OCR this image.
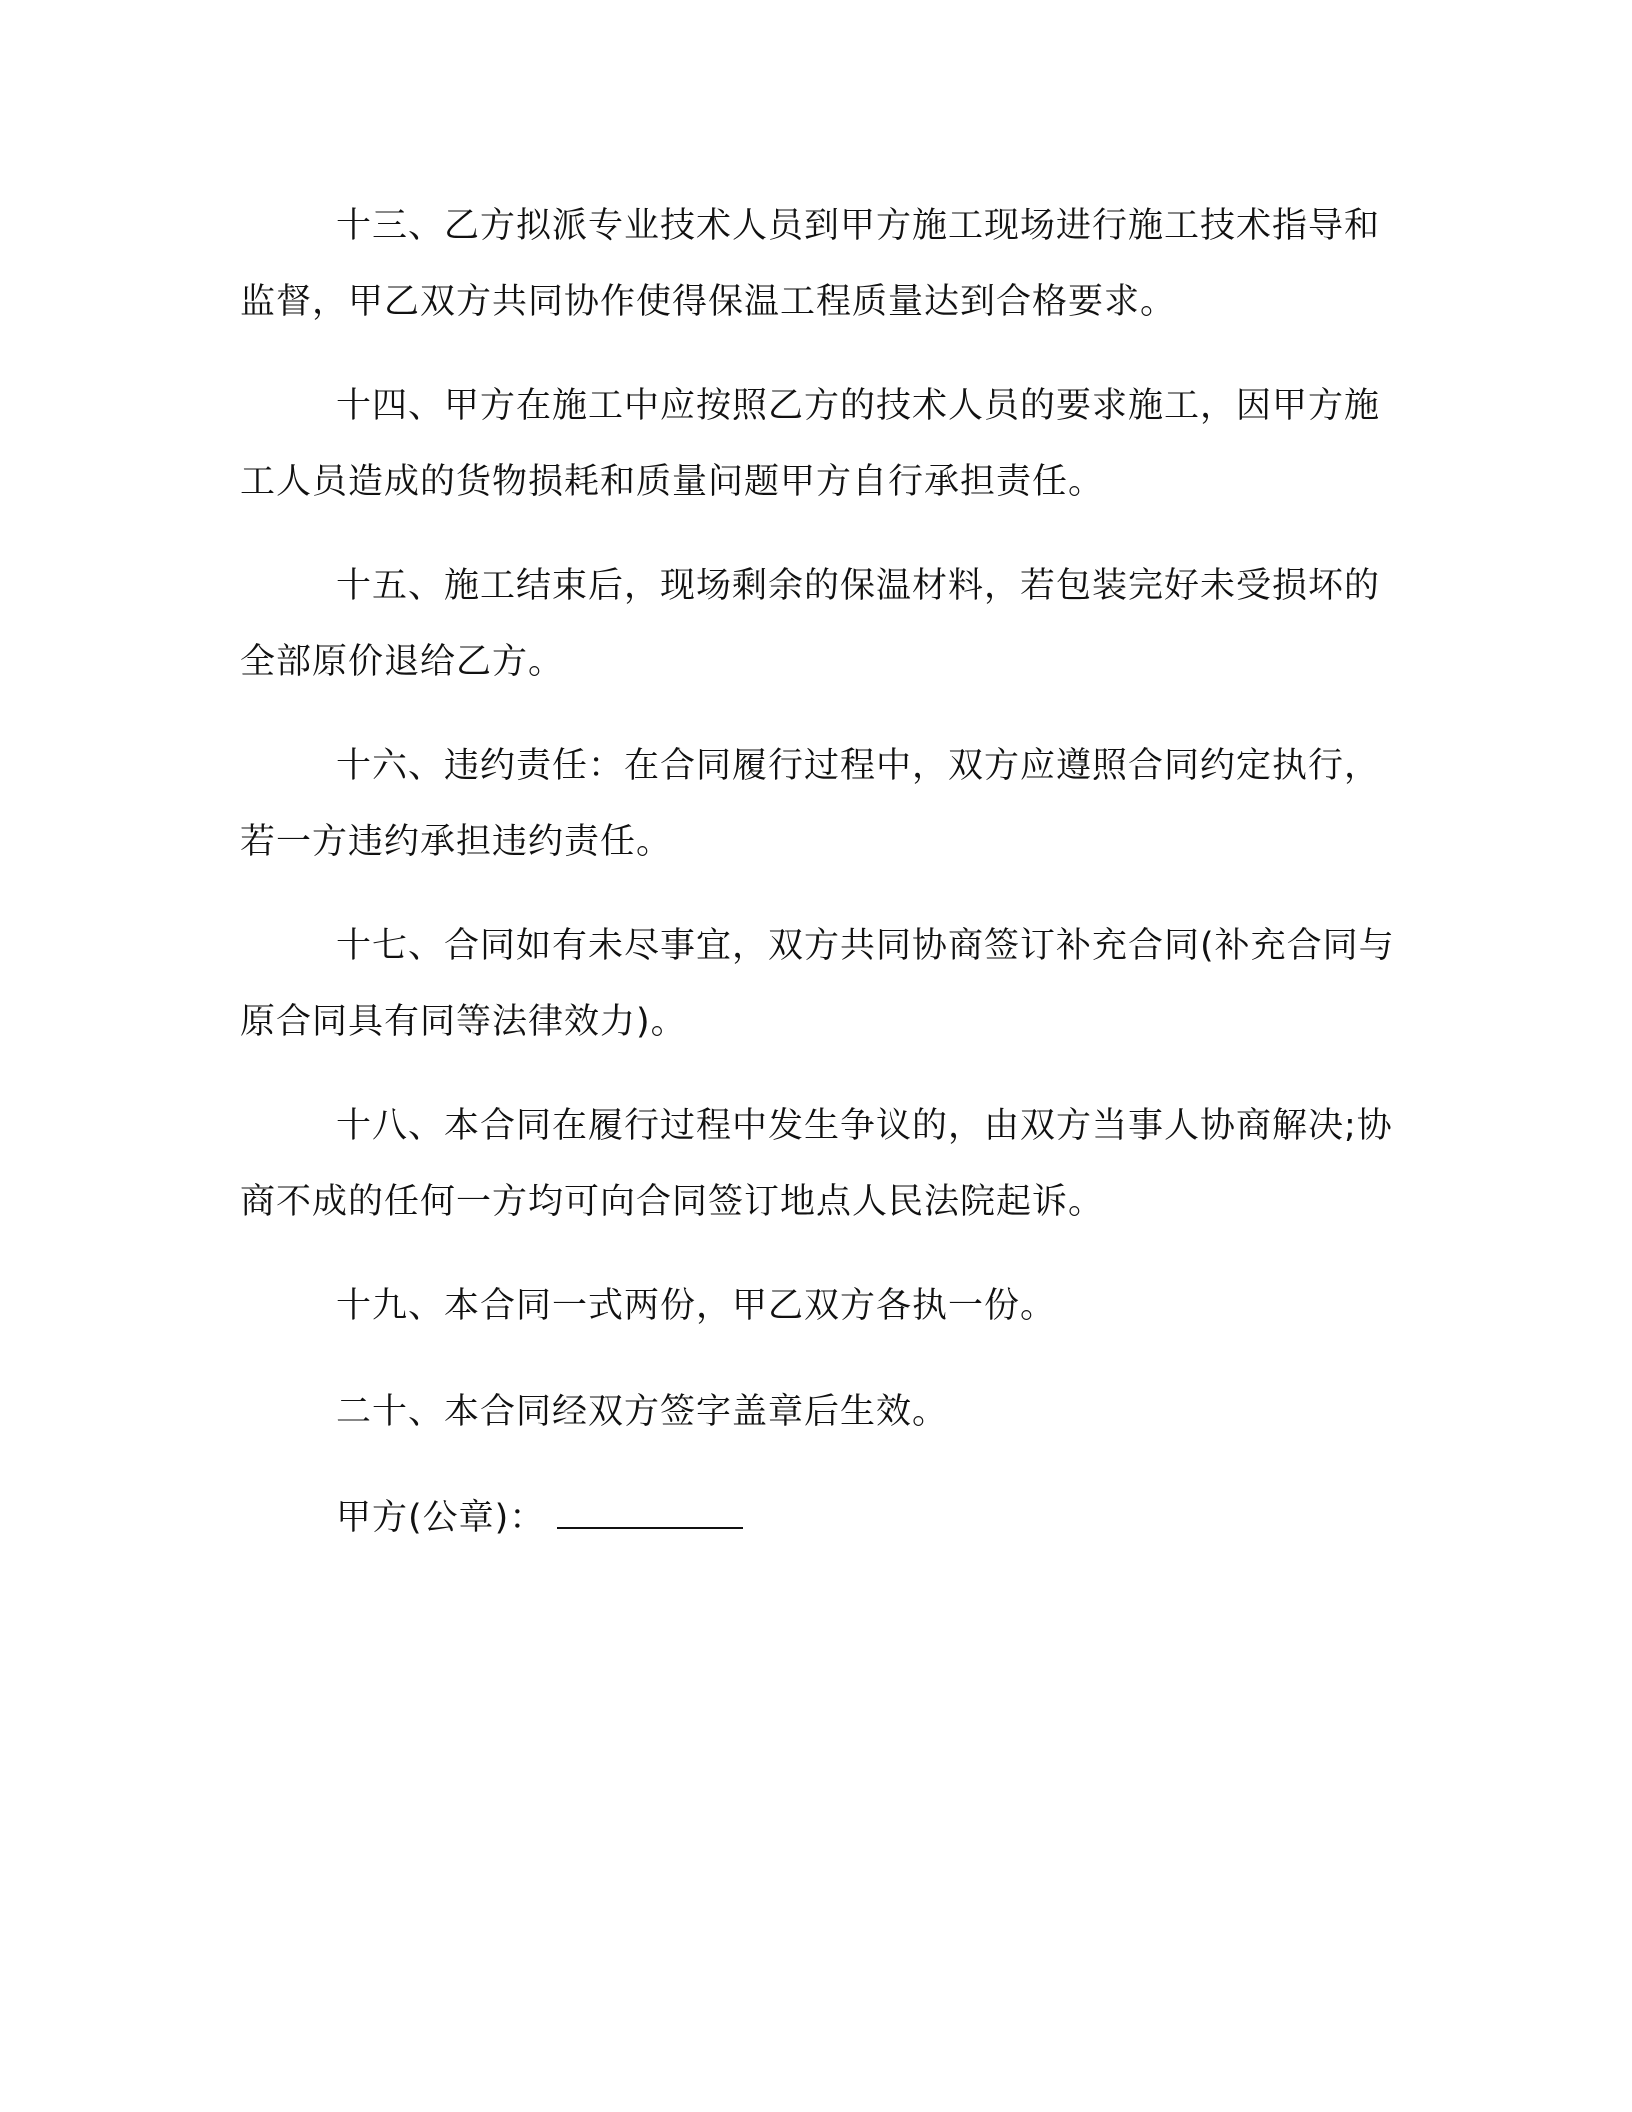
十三、乙方拟派专业技术人员到甲方施工现场进行施工技术指导和监督，甲乙双方共同协作使得保温工程质量达到合格要求。

十四、甲方在施工中应按照乙方的技术人员的要求施工，因甲方施工人员造成的货物损耗和质量问题甲方自行承担责任。

十五、施工结束后，现场剩余的保温材料，若包装完好未受损坏的全部原价退给乙方。

十六、违约责任：在合同履行过程中，双方应遵照合同约定执行，若一方违约承担违约责任。

十七、合同如有未尽事宜，双方共同协商签订补充合同(补充合同与原合同具有同等法律效力)。

十八、本合同在履行过程中发生争议的，由双方当事人协商解决;协商不成的任何一方均可向合同签订地点人民法院起诉。

十九、本合同一式两份，甲乙双方各执一份。

二十、本合同经双方签字盖章后生效。

甲方(公章)：
